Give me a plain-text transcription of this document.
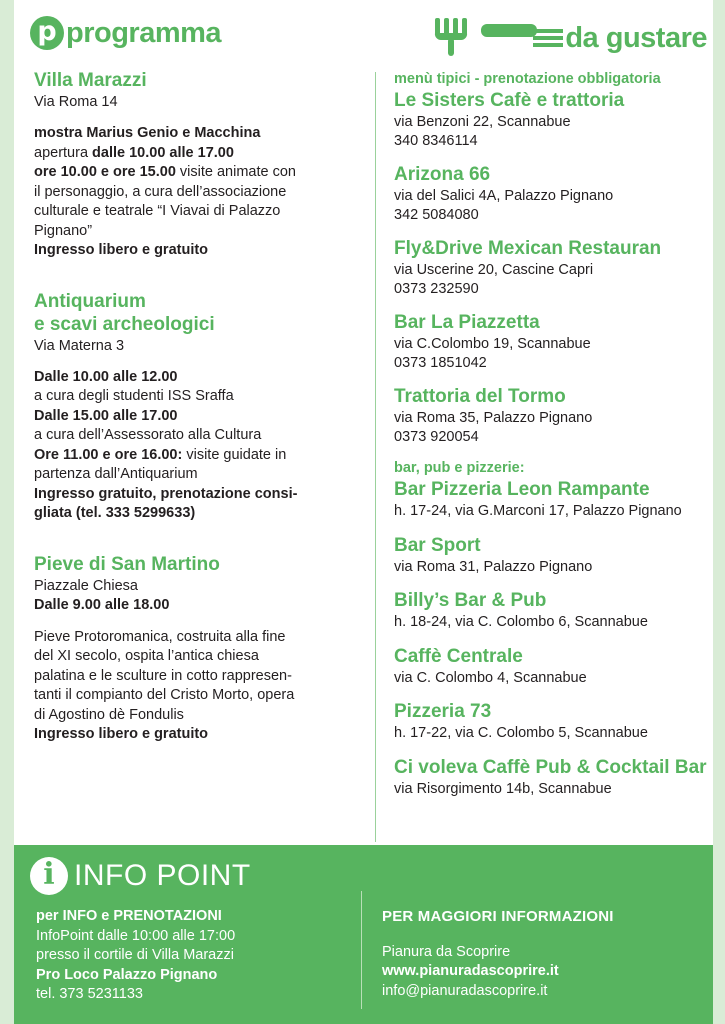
p programma	da gustare

Villa Marazzi

Via Roma 14

mostra Marius Genio e Macchina
apertura dalle 10.00 alle 17.00
ore 10.00 e ore 15.00 visite animate con
il personaggio, a cura dell’associazione
culturale e teatrale “I Viavai di Palazzo
Pignano”
Ingresso libero e gratuito

Antiquarium

e scavi archeologici

Via Materna 3

Dalle 10.00 alle 12.00
a cura degli studenti ISS Sraffa
Dalle 15.00 alle 17.00
a cura dell’Assessorato alla Cultura
Ore 11.00 e ore 16.00: visite guidate in
partenza dall’Antiquarium
Ingresso gratuito, prenotazione consi-
gliata (tel. 333 5299633)

Pieve di San Martino

Piazzale Chiesa
Dalle 9.00 alle 18.00

Pieve Protoromanica, costruita alla fine
del XI secolo, ospita l’antica chiesa
palatina e le sculture in cotto rappresen-
tanti il compianto del Cristo Morto, opera
di Agostino dè Fondulis
Ingresso libero e gratuito

menù tipici - prenotazione obbligatoria

Le Sisters Cafè e trattoria

via Benzoni 22, Scannabue

340 8346114

Arizona 66

via del Salici 4A, Palazzo Pignano

342 5084080

Fly&Drive Mexican Restauran

via Uscerine 20, Cascine Capri

0373 232590

Bar La Piazzetta

via C.Colombo 19, Scannabue

0373 1851042

Trattoria del Tormo

via Roma 35, Palazzo Pignano

0373 920054

bar, pub e pizzerie:

Bar Pizzeria Leon Rampante

h. 17-24, via G.Marconi 17, Palazzo Pignano

Bar Sport

via Roma 31, Palazzo Pignano

Billy’s Bar & Pub

h. 18-24, via C. Colombo 6, Scannabue

Caffè Centrale

via C. Colombo 4, Scannabue

Pizzeria 73

h. 17-22, via C. Colombo 5, Scannabue

Ci voleva Caffè Pub & Cocktail Bar

via Risorgimento 14b, Scannabue

i INFO POINT
per INFO e PRENOTAZIONI
InfoPoint dalle 10:00 alle 17:00
presso il cortile di Villa Marazzi
Pro Loco Palazzo Pignano
tel. 373 5231133
PER MAGGIORI INFORMAZIONI
Pianura da Scoprire
www.pianuradascoprire.it
info@pianuradascoprire.it
